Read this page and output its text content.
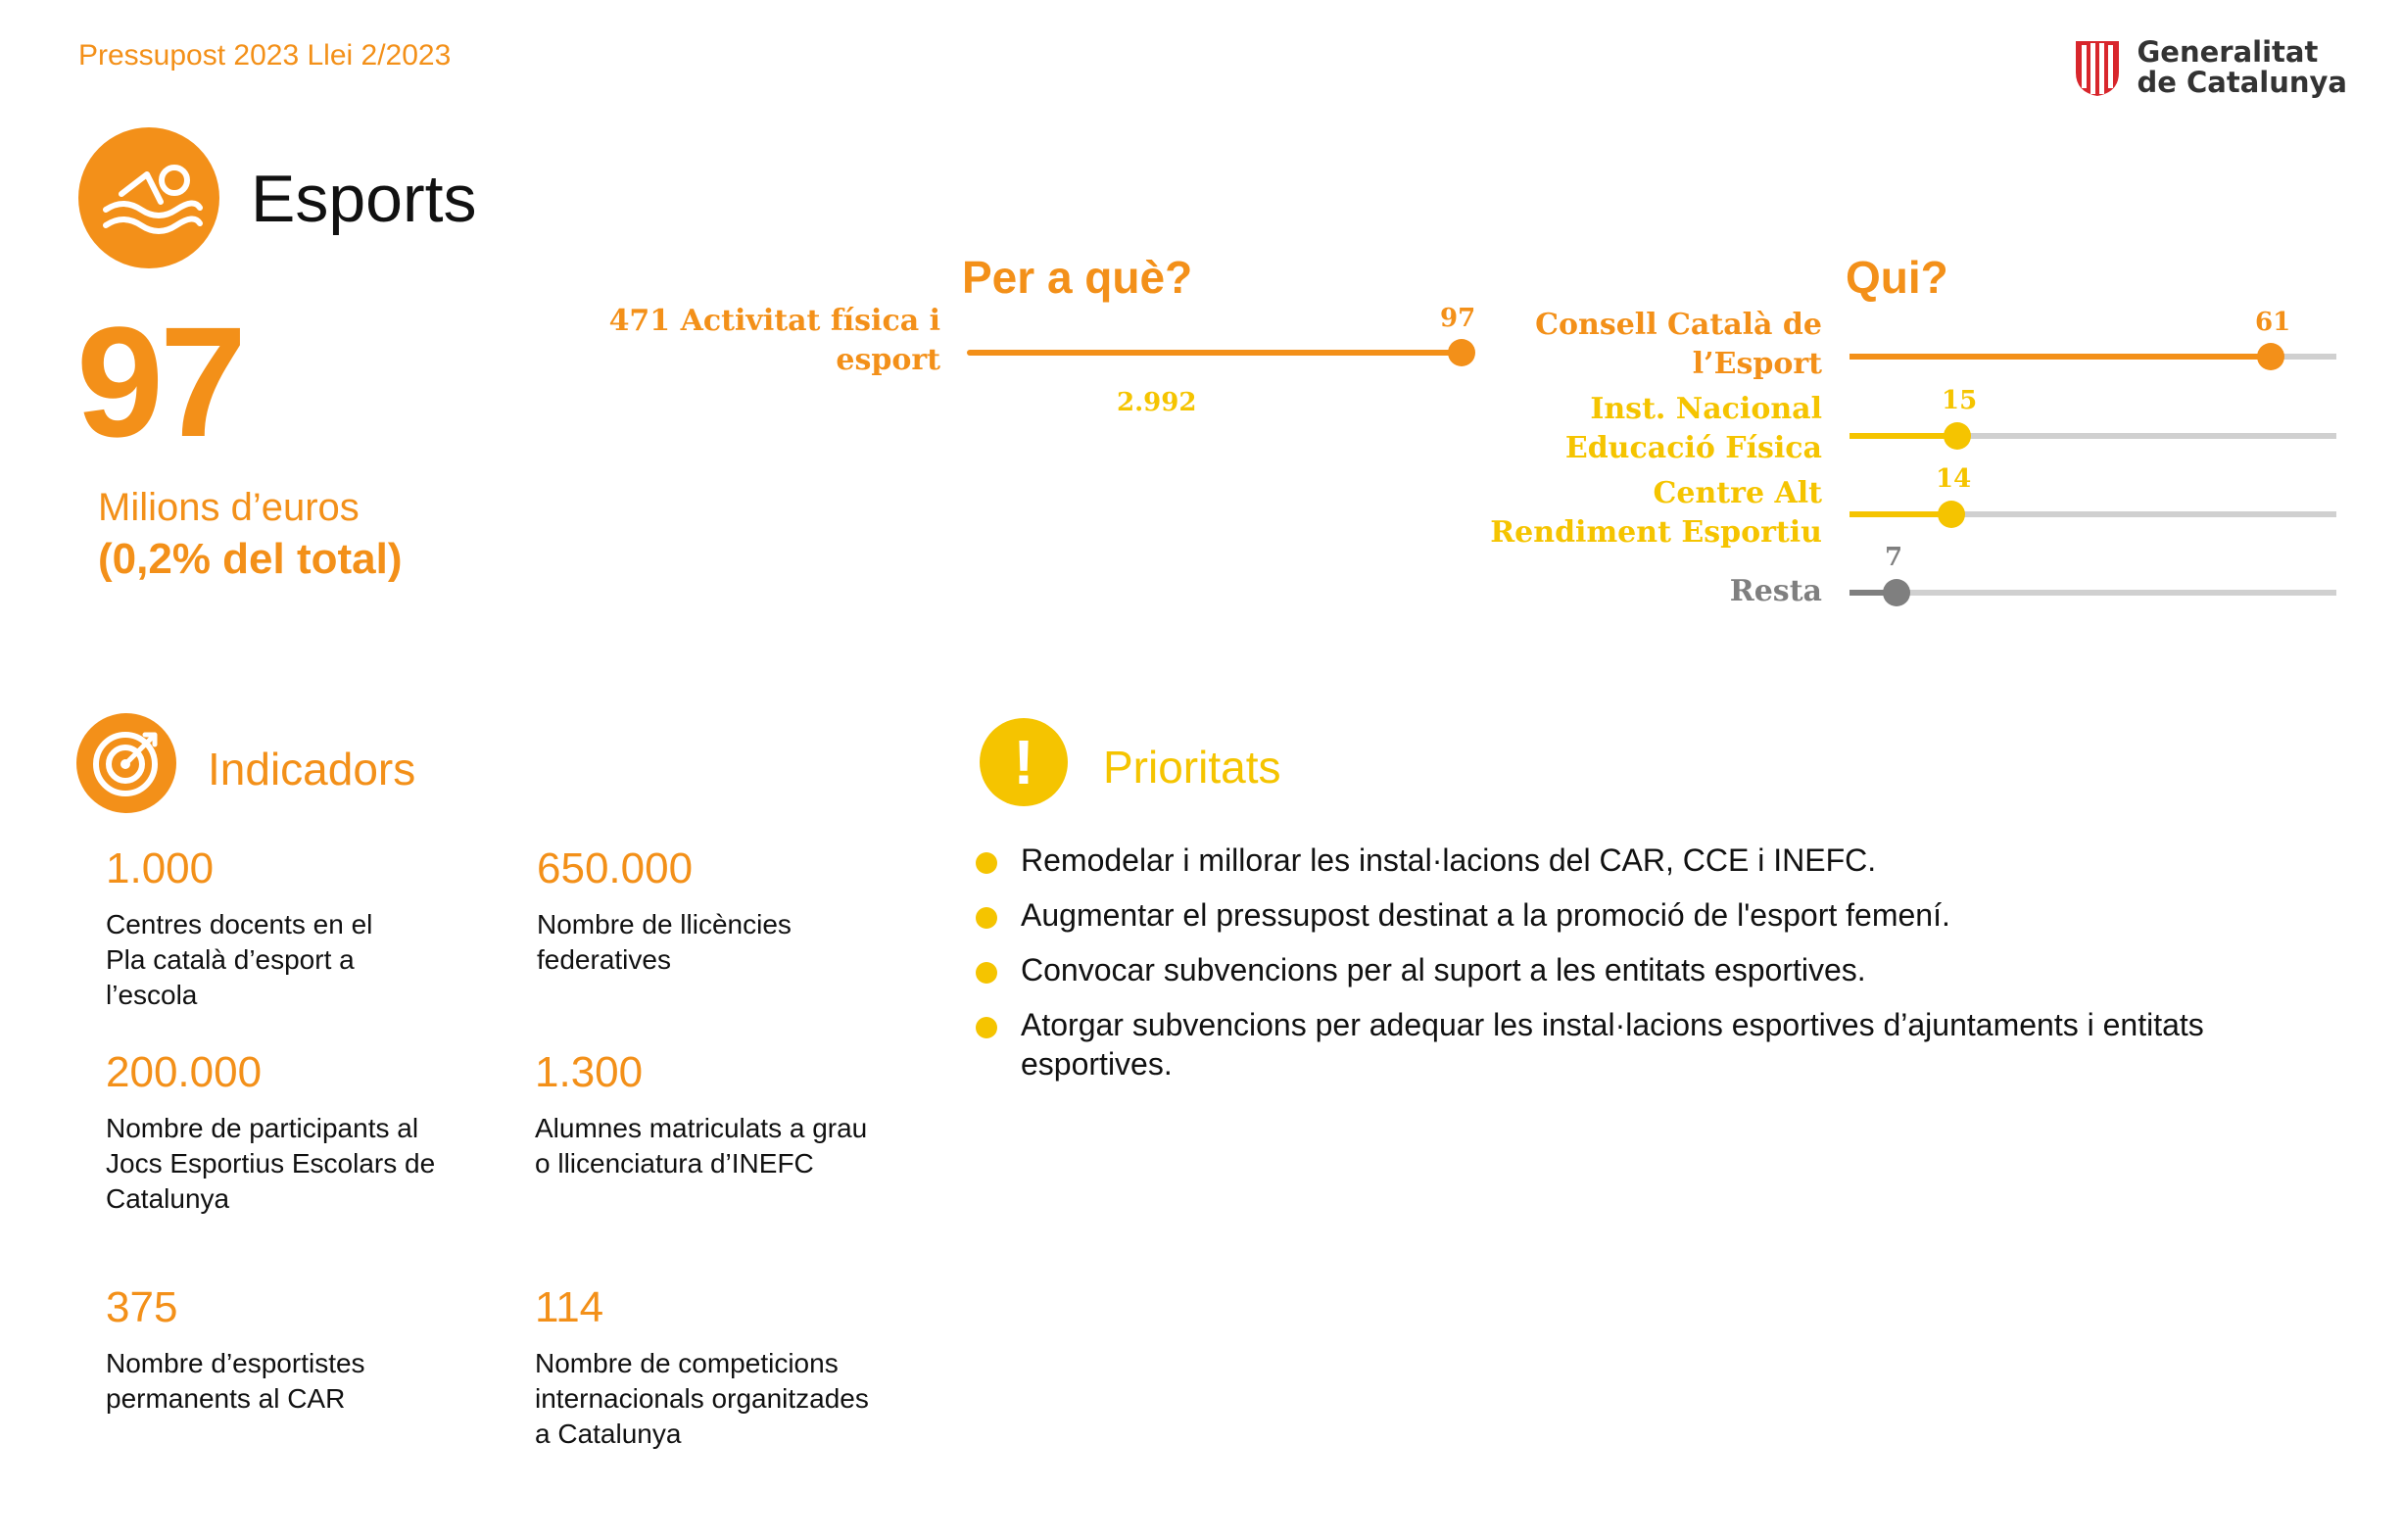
Pressupost 2023 Llei 2/2023	Generalitat
de Catalunya
Esports
97
Milions d’euros
(0,2% del total)
Per a què?
471 Activitat física i
esport
97
2.992
Qui?
Consell Català de
l’Esport
Inst. Nacional
Educació Física
Centre Alt
Rendiment Esportiu
Resta
61
15
14
7
Indicadors
1.000
Centres docents en el
Pla català d’esport a
l’escola
650.000
Nombre de llicències
federatives
200.000
Nombre de participants al
Jocs Esportius Escolars de
Catalunya
1.300
Alumnes matriculats a grau
o llicenciatura d’INEFC
375
Nombre d’esportistes
permanents al CAR
114
Nombre de competicions
internacionals organitzades
a Catalunya
!	Prioritats
Remodelar i millorar les instal·lacions del CAR, CCE i INEFC.
Augmentar el pressupost destinat a la promoció de l'esport femení.
Convocar subvencions per al suport a les entitats esportives.
Atorgar subvencions per adequar les instal·lacions esportives d’ajuntaments i entitats esportives.
